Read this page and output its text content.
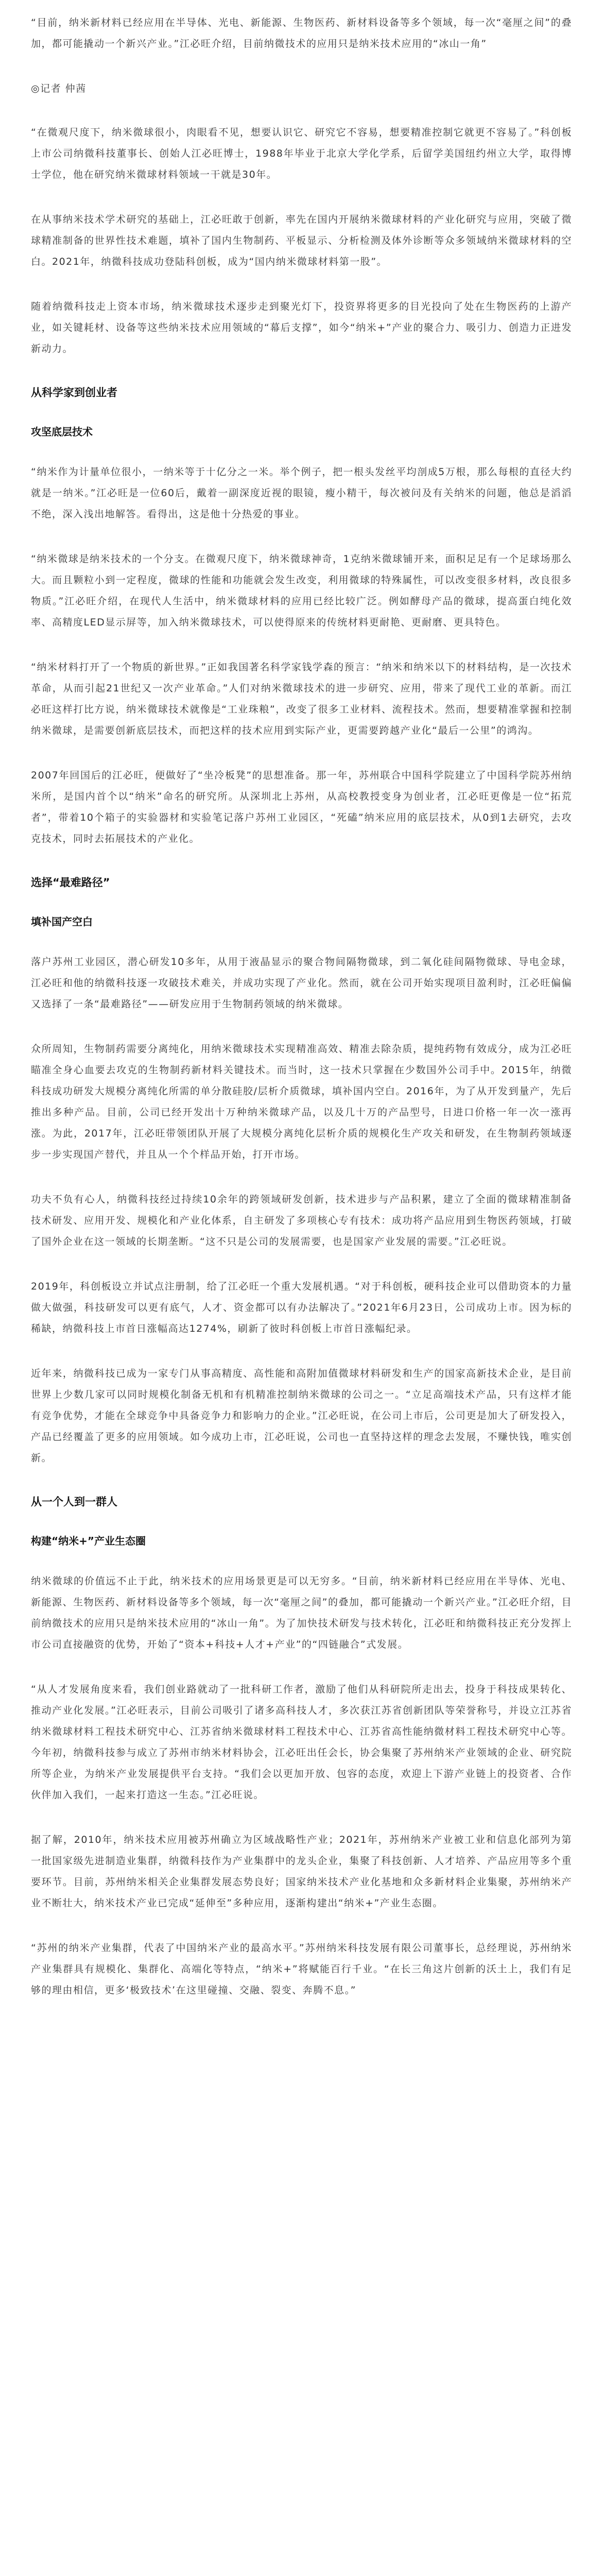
“目前，纳米新材料已经应用在半导体、光电、新能源、生物医药、新材料设备等多个领域，每一次“毫厘之间”的叠加，都可能撬动一个新兴产业。”江必旺介绍，目前纳微技术的应用只是纳米技术应用的“冰山一角”

◎记者 仲茜

“在微观尺度下，纳米微球很小，肉眼看不见，想要认识它、研究它不容易，想要精准控制它就更不容易了。”科创板上市公司纳微科技董事长、创始人江必旺博士，1988年毕业于北京大学化学系，后留学美国纽约州立大学，取得博士学位，他在研究纳米微球材料领域一干就是30年。

在从事纳米技术学术研究的基础上，江必旺敢于创新，率先在国内开展纳米微球材料的产业化研究与应用，突破了微球精准制备的世界性技术难题，填补了国内生物制药、平板显示、分析检测及体外诊断等众多领域纳米微球材料的空白。2021年，纳微科技成功登陆科创板，成为“国内纳米微球材料第一股”。

随着纳微科技走上资本市场，纳米微球技术逐步走到聚光灯下，投资界将更多的目光投向了处在生物医药的上游产业，如关键耗材、设备等这些纳米技术应用领域的“幕后支撑”，如今“纳米+”产业的聚合力、吸引力、创造力正进发新动力。

从科学家到创业者
攻坚底层技术

“纳米作为计量单位很小，一纳米等于十亿分之一米。举个例子，把一根头发丝平均剖成5万根，那么每根的直径大约就是一纳米。”江必旺是一位60后，戴着一副深度近视的眼镜，瘦小精干，每次被问及有关纳米的问题，他总是滔滔不绝，深入浅出地解答。看得出，这是他十分热爱的事业。

“纳米微球是纳米技术的一个分支。在微观尺度下，纳米微球神奇，1克纳米微球铺开来，面积足足有一个足球场那么大。而且颗粒小到一定程度，微球的性能和功能就会发生改变，利用微球的特殊属性，可以改变很多材料，改良很多物质。”江必旺介绍，在现代人生活中，纳米微球材料的应用已经比较广泛。例如酵母产品的微球，提高蛋白纯化效率、高精度LED显示屏等，加入纳米微球技术，可以使得原来的传统材料更耐艳、更耐磨、更具特色。

“纳米材料打开了一个物质的新世界。”正如我国著名科学家钱学森的预言：“纳米和纳米以下的材料结构，是一次技术革命，从而引起21世纪又一次产业革命。”人们对纳米微球技术的进一步研究、应用，带来了现代工业的革新。而江必旺这样打比方说，纳米微球技术就像是“工业珠粮”，改变了很多工业材料、流程技术。然而，想要精准掌握和控制纳米微球，是需要创新底层技术，而把这样的技术应用到实际产业，更需要跨越产业化“最后一公里”的鸿沟。

2007年回国后的江必旺，便做好了“坐冷板凳”的思想准备。那一年，苏州联合中国科学院建立了中国科学院苏州纳米所，是国内首个以“纳米”命名的研究所。从深圳北上苏州，从高校教授变身为创业者，江必旺更像是一位“拓荒者”，带着10个箱子的实验器材和实验笔记落户苏州工业园区，“死磕”纳米应用的底层技术，从0到1去研究，去攻克技术，同时去拓展技术的产业化。

选择“最难路径”
填补国产空白

落户苏州工业园区，潜心研发10多年，从用于液晶显示的聚合物间隔物微球，到二氧化硅间隔物微球、导电金球，江必旺和他的纳微科技逐一攻破技术难关，并成功实现了产业化。然而，就在公司开始实现项目盈利时，江必旺偏偏又选择了一条“最难路径”——研发应用于生物制药领域的纳米微球。

众所周知，生物制药需要分离纯化，用纳米微球技术实现精准高效、精准去除杂质，提纯药物有效成分，成为江必旺瞄准全身心血要去攻克的生物制药新材料关键技术。而当时，这一技术只掌握在少数国外公司手中。2015年，纳微科技成功研发大规模分离纯化所需的单分散硅胶/层析介质微球，填补国内空白。2016年，为了从开发到量产，先后推出多种产品。目前，公司已经开发出十万种纳米微球产品，以及几十万的产品型号，日进口价格一年一次一涨再涨。为此，2017年，江必旺带领团队开展了大规模分离纯化层析介质的规模化生产攻关和研发，在生物制药领域逐步一步实现国产替代，并且从一个个样品开始，打开市场。

功夫不负有心人，纳微科技经过持续10余年的跨领域研发创新，技术进步与产品积累，建立了全面的微球精准制备技术研发、应用开发、规模化和产业化体系，自主研发了多项核心专有技术：成功将产品应用到生物医药领域，打破了国外企业在这一领域的长期垄断。“这不只是公司的发展需要，也是国家产业发展的需要。”江必旺说。

2019年，科创板设立并试点注册制，给了江必旺一个重大发展机遇。“对于科创板，硬科技企业可以借助资本的力量做大做强，科技研发可以更有底气，人才、资金都可以有办法解决了。”2021年6月23日，公司成功上市。因为标的稀缺，纳微科技上市首日涨幅高达1274%，刷新了彼时科创板上市首日涨幅纪录。

近年来，纳微科技已成为一家专门从事高精度、高性能和高附加值微球材料研发和生产的国家高新技术企业，是目前世界上少数几家可以同时规模化制备无机和有机精准控制纳米微球的公司之一。“立足高端技术产品，只有这样才能有竞争优势，才能在全球竞争中具备竞争力和影响力的企业。”江必旺说，在公司上市后，公司更是加大了研发投入，产品已经覆盖了更多的应用领域。如今成功上市，江必旺说，公司也一直坚持这样的理念去发展，不赚快钱，唯实创新。

从一个人到一群人
构建“纳米+”产业生态圈

纳米微球的价值远不止于此，纳米技术的应用场景更是可以无穷多。“目前，纳米新材料已经应用在半导体、光电、新能源、生物医药、新材料设备等多个领域，每一次“毫厘之间”的叠加，都可能撬动一个新兴产业。”江必旺介绍，目前纳微技术的应用只是纳米技术应用的“冰山一角”。为了加快技术研发与技术转化，江必旺和纳微科技正充分发挥上市公司直接融资的优势，开始了“资本+科技+人才+产业”的“四链融合”式发展。

“从人才发展角度来看，我们创业路就动了一批科研工作者，激励了他们从科研院所走出去，投身于科技成果转化、推动产业化发展。”江必旺表示，目前公司吸引了诸多高科技人才，多次获江苏省创新团队等荣誉称号，并设立江苏省纳米微球材料工程技术研究中心、江苏省纳米微球材料工程技术中心、江苏省高性能纳微材料工程技术研究中心等。今年初，纳微科技参与成立了苏州市纳米材料协会，江必旺出任会长，协会集聚了苏州纳米产业领域的企业、研究院所等企业，为纳米产业发展提供平台支持。“我们会以更加开放、包容的态度，欢迎上下游产业链上的投资者、合作伙伴加入我们，一起来打造这一生态。”江必旺说。

据了解，2010年，纳米技术应用被苏州确立为区域战略性产业；2021年，苏州纳米产业被工业和信息化部列为第一批国家级先进制造业集群，纳微科技作为产业集群中的龙头企业，集聚了科技创新、人才培养、产品应用等多个重要环节。目前，苏州纳米相关企业集群发展态势良好；国家纳米技术产业化基地和众多新材料企业集聚，苏州纳米产业不断壮大，纳米技术产业已完成“延伸至”多种应用，逐渐构建出“纳米+”产业生态圈。

“苏州的纳米产业集群，代表了中国纳米产业的最高水平。”苏州纳米科技发展有限公司董事长，总经理说，苏州纳米产业集群具有规模化、集群化、高端化等特点，“纳米+”将赋能百行千业。“在长三角这片创新的沃土上，我们有足够的理由相信，更多‘极致技术’在这里碰撞、交融、裂变、奔腾不息。”
